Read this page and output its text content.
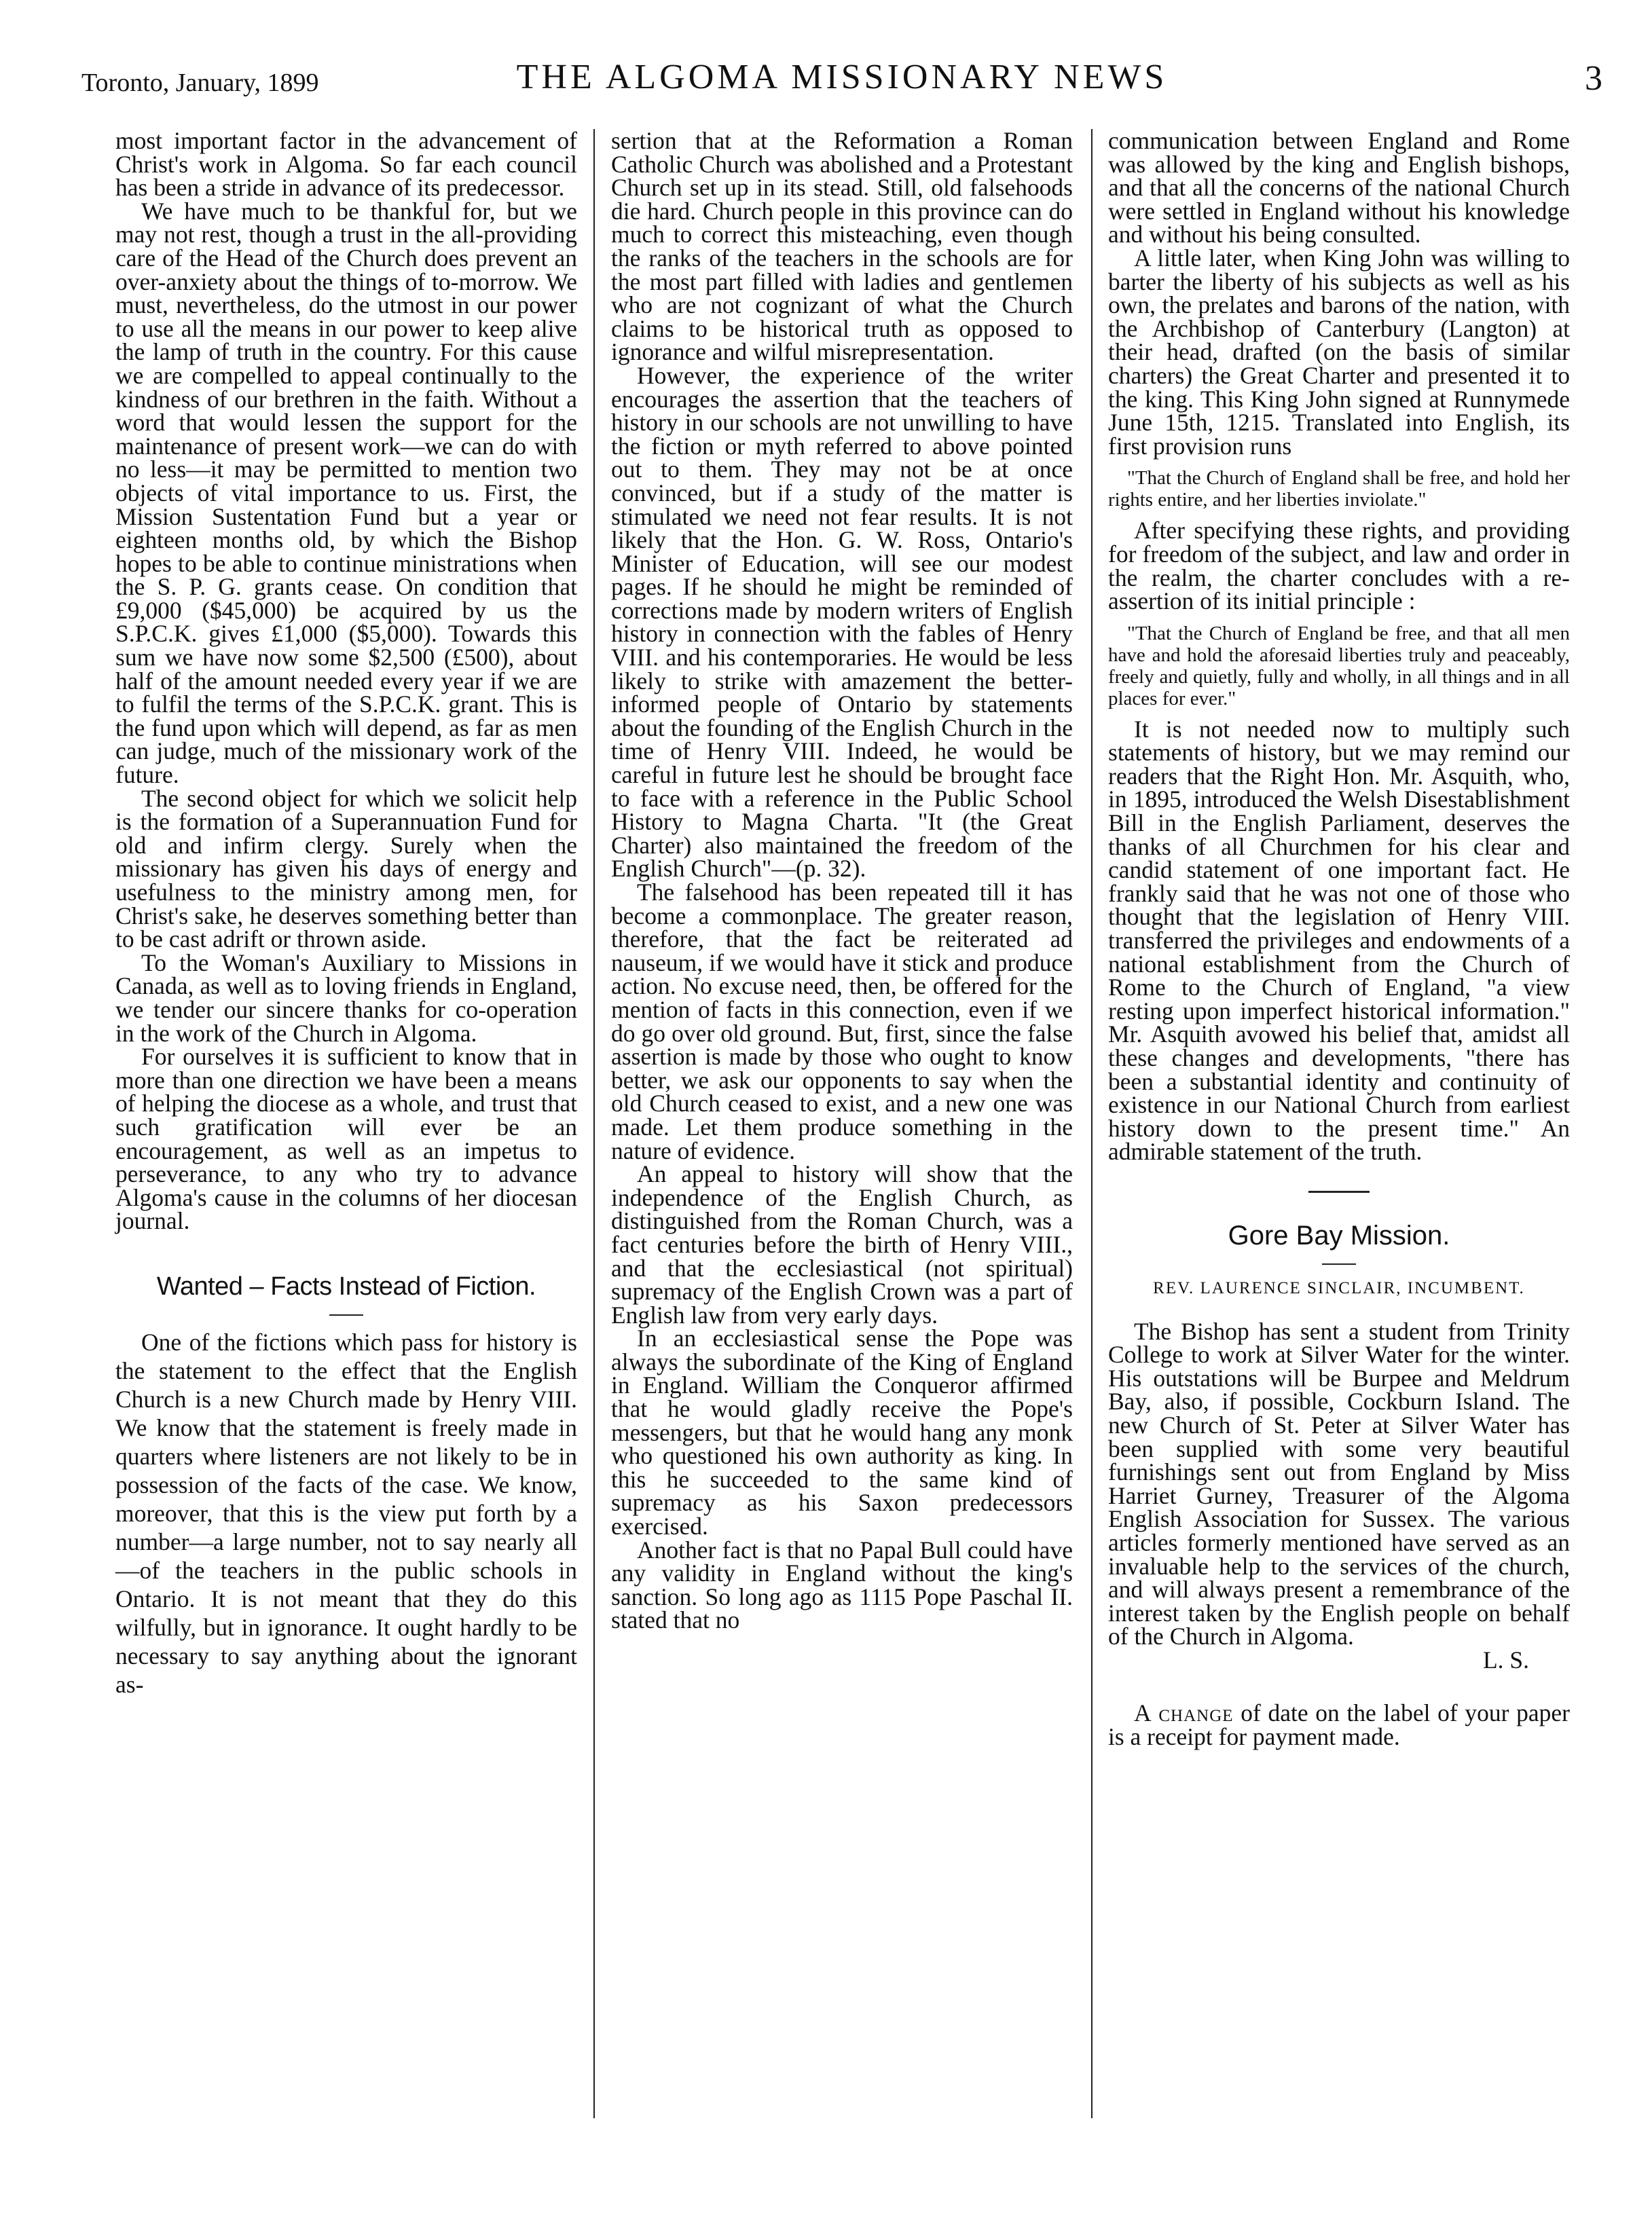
Toronto, January, 1899	THE ALGOMA MISSIONARY NEWS	3

most important factor in the advancement of Christ's work in Algoma. So far each council has been a stride in advance of its predecessor.

We have much to be thankful for, but we may not rest, though a trust in the all-providing care of the Head of the Church does prevent an over-anxiety about the things of to-morrow. We must, nevertheless, do the utmost in our power to use all the means in our power to keep alive the lamp of truth in the country. For this cause we are compelled to appeal continually to the kindness of our brethren in the faith. Without a word that would lessen the support for the maintenance of present work—we can do with no less—it may be permitted to mention two objects of vital importance to us. First, the Mission Sustentation Fund but a year or eighteen months old, by which the Bishop hopes to be able to continue ministrations when the S. P. G. grants cease. On condition that £9,000 ($45,000) be acquired by us the S.P.C.K. gives £1,000 ($5,000). Towards this sum we have now some $2,500 (£500), about half of the amount needed every year if we are to fulfil the terms of the S.P.C.K. grant. This is the fund upon which will depend, as far as men can judge, much of the missionary work of the future.

The second object for which we solicit help is the formation of a Superannuation Fund for old and infirm clergy. Surely when the missionary has given his days of energy and usefulness to the ministry among men, for Christ's sake, he deserves something better than to be cast adrift or thrown aside.

To the Woman's Auxiliary to Missions in Canada, as well as to loving friends in England, we tender our sincere thanks for co-operation in the work of the Church in Algoma.

For ourselves it is sufficient to know that in more than one direction we have been a means of helping the diocese as a whole, and trust that such gratification will ever be an encouragement, as well as an impetus to perseverance, to any who try to advance Algoma's cause in the columns of her diocesan journal.

Wanted – Facts Instead of Fiction.

One of the fictions which pass for history is the statement to the effect that the English Church is a new Church made by Henry VIII. We know that the statement is freely made in quarters where listeners are not likely to be in possession of the facts of the case. We know, moreover, that this is the view put forth by a number—a large number, not to say nearly all—of the teachers in the public schools in Ontario. It is not meant that they do this wilfully, but in ignorance. It ought hardly to be necessary to say anything about the ignorant as-

sertion that at the Reformation a Roman Catholic Church was abolished and a Protestant Church set up in its stead. Still, old falsehoods die hard. Church people in this province can do much to correct this misteaching, even though the ranks of the teachers in the schools are for the most part filled with ladies and gentlemen who are not cognizant of what the Church claims to be historical truth as opposed to ignorance and wilful misrepresentation.

However, the experience of the writer encourages the assertion that the teachers of history in our schools are not unwilling to have the fiction or myth referred to above pointed out to them. They may not be at once convinced, but if a study of the matter is stimulated we need not fear results. It is not likely that the Hon. G. W. Ross, Ontario's Minister of Education, will see our modest pages. If he should he might be reminded of corrections made by modern writers of English history in connection with the fables of Henry VIII. and his contemporaries. He would be less likely to strike with amazement the better-informed people of Ontario by statements about the founding of the English Church in the time of Henry VIII. Indeed, he would be careful in future lest he should be brought face to face with a reference in the Public School History to Magna Charta. "It (the Great Charter) also maintained the freedom of the English Church"—(p. 32).

The falsehood has been repeated till it has become a commonplace. The greater reason, therefore, that the fact be reiterated ad nauseum, if we would have it stick and produce action. No excuse need, then, be offered for the mention of facts in this connection, even if we do go over old ground. But, first, since the false assertion is made by those who ought to know better, we ask our opponents to say when the old Church ceased to exist, and a new one was made. Let them produce something in the nature of evidence.

An appeal to history will show that the independence of the English Church, as distinguished from the Roman Church, was a fact centuries before the birth of Henry VIII., and that the ecclesiastical (not spiritual) supremacy of the English Crown was a part of English law from very early days.

In an ecclesiastical sense the Pope was always the subordinate of the King of England in England. William the Conqueror affirmed that he would gladly receive the Pope's messengers, but that he would hang any monk who questioned his own authority as king. In this he succeeded to the same kind of supremacy as his Saxon predecessors exercised.

Another fact is that no Papal Bull could have any validity in England without the king's sanction. So long ago as 1115 Pope Paschal II. stated that no

communication between England and Rome was allowed by the king and English bishops, and that all the concerns of the national Church were settled in England without his knowledge and without his being consulted.

A little later, when King John was willing to barter the liberty of his subjects as well as his own, the prelates and barons of the nation, with the Archbishop of Canterbury (Langton) at their head, drafted (on the basis of similar charters) the Great Charter and presented it to the king. This King John signed at Runnymede June 15th, 1215. Translated into English, its first provision runs

"That the Church of England shall be free, and hold her rights entire, and her liberties inviolate."

After specifying these rights, and providing for freedom of the subject, and law and order in the realm, the charter concludes with a re-assertion of its initial principle :

"That the Church of England be free, and that all men have and hold the aforesaid liberties truly and peaceably, freely and quietly, fully and wholly, in all things and in all places for ever."

It is not needed now to multiply such statements of history, but we may remind our readers that the Right Hon. Mr. Asquith, who, in 1895, introduced the Welsh Disestablishment Bill in the English Parliament, deserves the thanks of all Churchmen for his clear and candid statement of one important fact. He frankly said that he was not one of those who thought that the legislation of Henry VIII. transferred the privileges and endowments of a national establishment from the Church of Rome to the Church of England, "a view resting upon imperfect historical information." Mr. Asquith avowed his belief that, amidst all these changes and developments, "there has been a substantial identity and continuity of existence in our National Church from earliest history down to the present time." An admirable statement of the truth.

Gore Bay Mission.
REV. LAURENCE SINCLAIR, INCUMBENT.

The Bishop has sent a student from Trinity College to work at Silver Water for the winter. His outstations will be Burpee and Meldrum Bay, also, if possible, Cockburn Island. The new Church of St. Peter at Silver Water has been supplied with some very beautiful furnishings sent out from England by Miss Harriet Gurney, Treasurer of the Algoma English Association for Sussex. The various articles formerly mentioned have served as an invaluable help to the services of the church, and will always present a remembrance of the interest taken by the English people on behalf of the Church in Algoma.

L. S.

A change of date on the label of your paper is a receipt for payment made.
